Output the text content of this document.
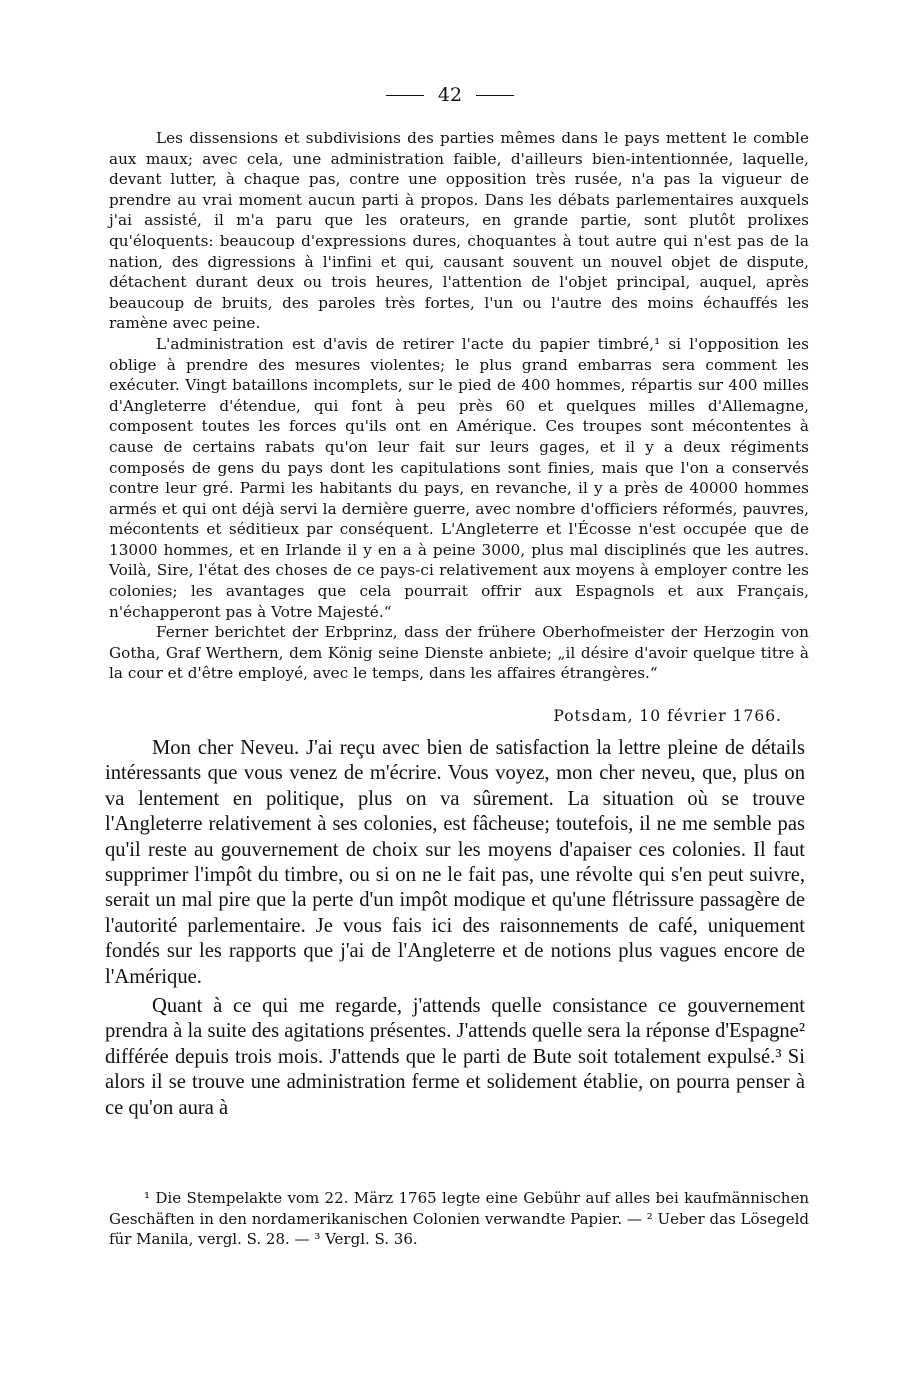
42

Les dissensions et subdivisions des parties mêmes dans le pays mettent le comble aux maux; avec cela, une administration faible, d'ailleurs bien-intentionnée, laquelle, devant lutter, à chaque pas, contre une opposition très rusée, n'a pas la vigueur de prendre au vrai moment aucun parti à propos. Dans les débats parlementaires auxquels j'ai assisté, il m'a paru que les orateurs, en grande partie, sont plutôt prolixes qu'éloquents: beaucoup d'expressions dures, choquantes à tout autre qui n'est pas de la nation, des digressions à l'infini et qui, causant souvent un nouvel objet de dispute, détachent durant deux ou trois heures, l'attention de l'objet principal, auquel, après beaucoup de bruits, des paroles très fortes, l'un ou l'autre des moins échauffés les ramène avec peine.

L'administration est d'avis de retirer l'acte du papier timbré,¹ si l'opposition les oblige à prendre des mesures violentes; le plus grand embarras sera comment les exécuter. Vingt bataillons incomplets, sur le pied de 400 hommes, répartis sur 400 milles d'Angleterre d'étendue, qui font à peu près 60 et quelques milles d'Allemagne, composent toutes les forces qu'ils ont en Amérique. Ces troupes sont mécontentes à cause de certains rabats qu'on leur fait sur leurs gages, et il y a deux régiments composés de gens du pays dont les capitulations sont finies, mais que l'on a conservés contre leur gré. Parmi les habitants du pays, en revanche, il y a près de 40000 hommes armés et qui ont déjà servi la dernière guerre, avec nombre d'officiers réformés, pauvres, mécontents et séditieux par conséquent. L'Angleterre et l'Écosse n'est occupée que de 13000 hommes, et en Irlande il y en a à peine 3000, plus mal disciplinés que les autres. Voilà, Sire, l'état des choses de ce pays-ci relativement aux moyens à employer contre les colonies; les avantages que cela pourrait offrir aux Espagnols et aux Français, n'échapperont pas à Votre Majesté.“

Ferner berichtet der Erbprinz, dass der frühere Oberhofmeister der Herzogin von Gotha, Graf Werthern, dem König seine Dienste anbiete; „il désire d'avoir quelque titre à la cour et d'être employé, avec le temps, dans les affaires étrangères.“

Potsdam, 10 février 1766.

Mon cher Neveu. J'ai reçu avec bien de satisfaction la lettre pleine de détails intéressants que vous venez de m'écrire. Vous voyez, mon cher neveu, que, plus on va lentement en politique, plus on va sûrement. La situation où se trouve l'Angleterre relativement à ses colonies, est fâcheuse; toutefois, il ne me semble pas qu'il reste au gouvernement de choix sur les moyens d'apaiser ces colonies. Il faut supprimer l'impôt du timbre, ou si on ne le fait pas, une révolte qui s'en peut suivre, serait un mal pire que la perte d'un impôt modique et qu'une flétrissure passagère de l'autorité parlementaire. Je vous fais ici des raisonnements de café, uniquement fondés sur les rapports que j'ai de l'Angleterre et de notions plus vagues encore de l'Amérique.

Quant à ce qui me regarde, j'attends quelle consistance ce gouvernement prendra à la suite des agitations présentes. J'attends quelle sera la réponse d'Espagne² différée depuis trois mois. J'attends que le parti de Bute soit totalement expulsé.³ Si alors il se trouve une administration ferme et solidement établie, on pourra penser à ce qu'on aura à

¹ Die Stempelakte vom 22. März 1765 legte eine Gebühr auf alles bei kaufmännischen Geschäften in den nordamerikanischen Colonien verwandte Papier. — ² Ueber das Lösegeld für Manila, vergl. S. 28. — ³ Vergl. S. 36.
